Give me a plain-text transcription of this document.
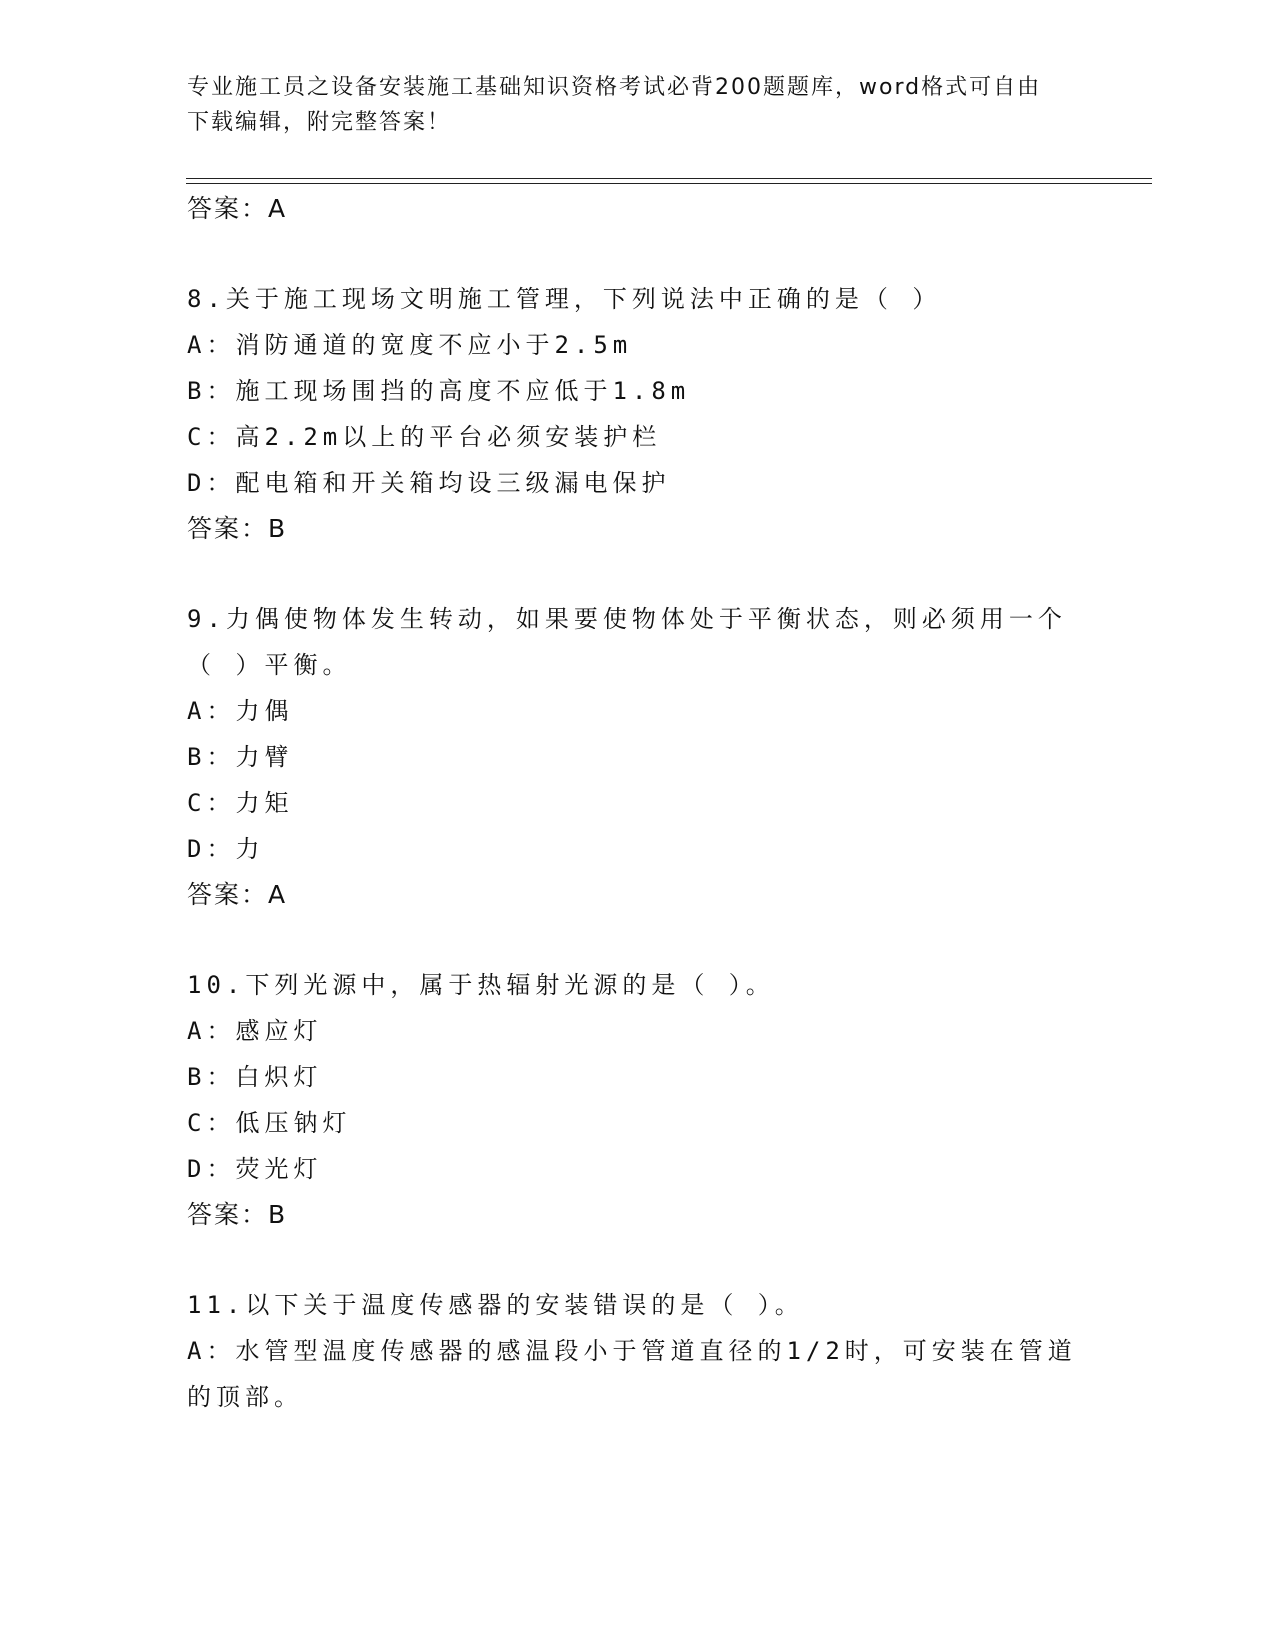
专业施工员之设备安装施工基础知识资格考试必背200题题库，word格式可自由
下载编辑，附完整答案！
答案：A
8.关于施工现场文明施工管理，下列说法中正确的是（ ）
A：消防通道的宽度不应小于2.5m
B：施工现场围挡的高度不应低于1.8m
C：高2.2m以上的平台必须安装护栏
D：配电箱和开关箱均设三级漏电保护
答案：B
9.力偶使物体发生转动，如果要使物体处于平衡状态，则必须用一个
（ ）平衡。
A：力偶
B：力臂
C：力矩
D：力
答案：A
10.下列光源中，属于热辐射光源的是（ ）。
A：感应灯
B：白炽灯
C：低压钠灯
D：荧光灯
答案：B
11.以下关于温度传感器的安装错误的是（ ）。
A：水管型温度传感器的感温段小于管道直径的1/2时，可安装在管道
的顶部。
